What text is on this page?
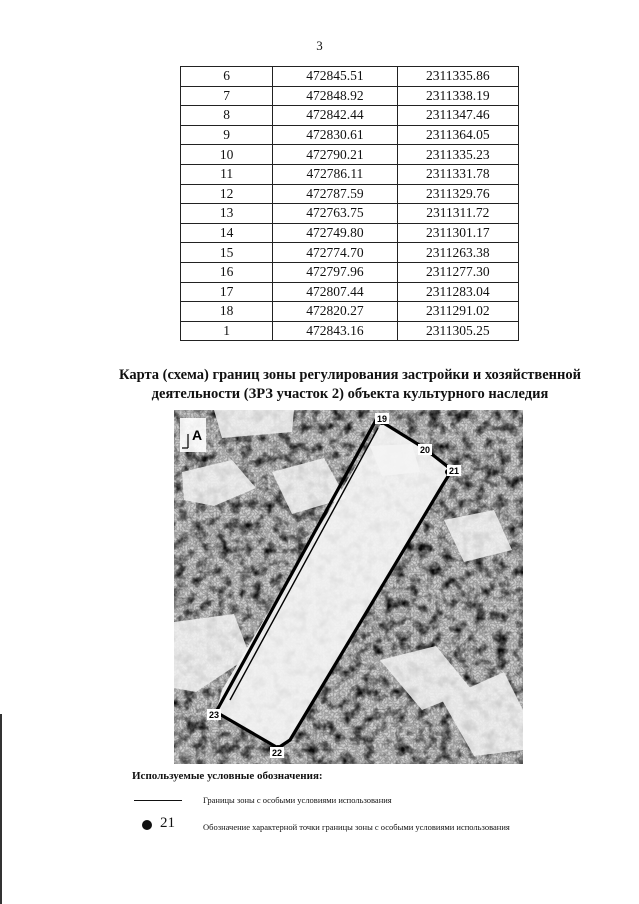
3
6	472845.51	2311335.86
7	472848.92	2311338.19
8	472842.44	2311347.46
9	472830.61	2311364.05
10	472790.21	2311335.23
11	472786.11	2311331.78
12	472787.59	2311329.76
13	472763.75	2311311.72
14	472749.80	2311301.17
15	472774.70	2311263.38
16	472797.96	2311277.30
17	472807.44	2311283.04
18	472820.27	2311291.02
1	472843.16	2311305.25
Карта (схема) границ зоны регулирования застройки и хозяйственной
деятельности (ЗРЗ участок 2) объекта культурного наследия
19
20
21
22
23
A
Используемые условные обозначения:
Границы зоны с особыми условиями использования
21	Обозначение характерной точки границы зоны с особыми условиями использования
